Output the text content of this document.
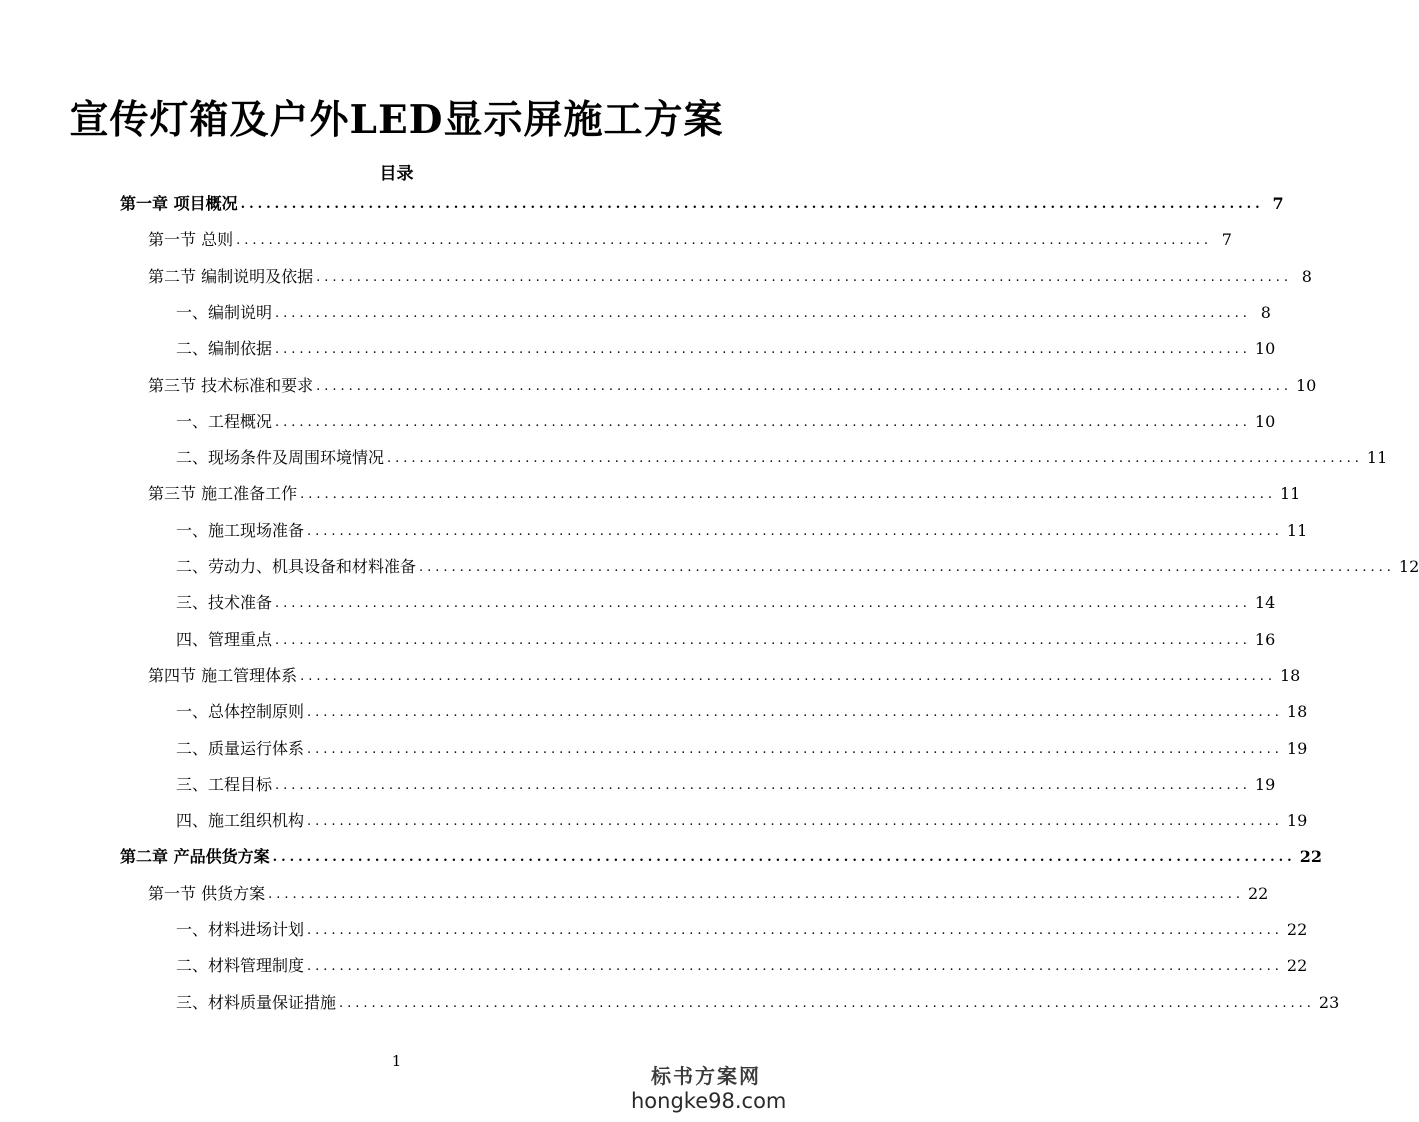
宣传灯箱及户外LED显示屏施工方案
目录
第一章 项目概况 ........................................................................................................................ 7
第一节 总则 ........................................................................................................................ 7
第二节 编制说明及依据 ........................................................................................................................ 8
一、编制说明 ........................................................................................................................ 8
二、编制依据 ........................................................................................................................ 10
第三节 技术标准和要求 ........................................................................................................................ 10
一、工程概况 ........................................................................................................................ 10
二、现场条件及周围环境情况 ........................................................................................................................ 11
第三节 施工准备工作 ........................................................................................................................ 11
一、施工现场准备 ........................................................................................................................ 11
二、劳动力、机具设备和材料准备 ........................................................................................................................ 12
三、技术准备 ........................................................................................................................ 14
四、管理重点 ........................................................................................................................ 16
第四节 施工管理体系 ........................................................................................................................ 18
一、总体控制原则 ........................................................................................................................ 18
二、质量运行体系 ........................................................................................................................ 19
三、工程目标 ........................................................................................................................ 19
四、施工组织机构 ........................................................................................................................ 19
第二章 产品供货方案 ........................................................................................................................ 22
第一节 供货方案 ........................................................................................................................ 22
一、材料进场计划 ........................................................................................................................ 22
二、材料管理制度 ........................................................................................................................ 22
三、材料质量保证措施 ........................................................................................................................ 23
1
标书方案网
hongke98.com
